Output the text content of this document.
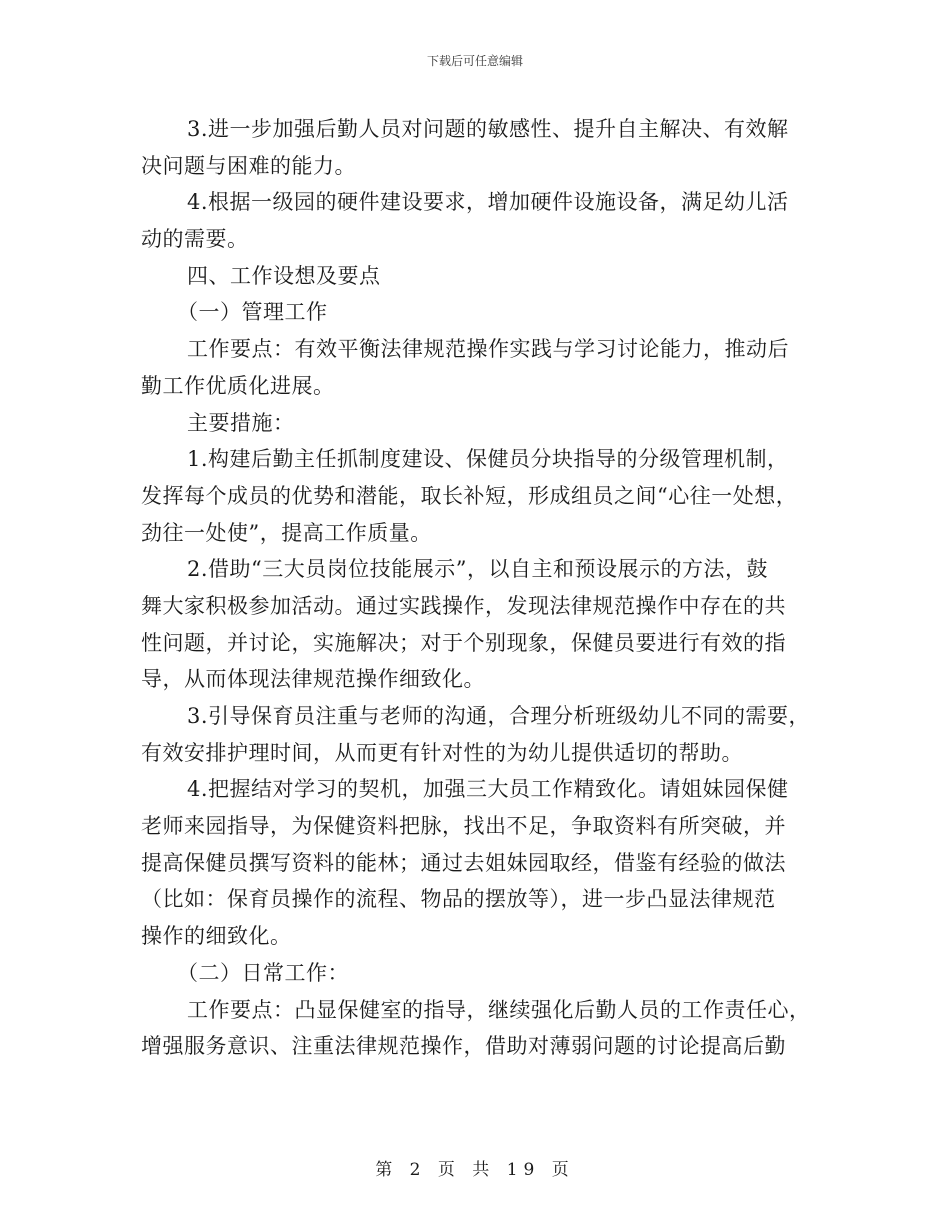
下载后可任意编辑
3.进一步加强后勤人员对问题的敏感性、提升自主解决、有效解
决问题与困难的能力。
4.根据一级园的硬件建设要求，增加硬件设施设备，满足幼儿活
动的需要。
四、工作设想及要点
（一）管理工作
工作要点：有效平衡法律规范操作实践与学习讨论能力，推动后
勤工作优质化进展。
主要措施：
1.构建后勤主任抓制度建设、保健员分块指导的分级管理机制，
发挥每个成员的优势和潜能，取长补短，形成组员之间“心往一处想，
劲往一处使”，提高工作质量。
2.借助“三大员岗位技能展示”，以自主和预设展示的方法，鼓
舞大家积极参加活动。通过实践操作，发现法律规范操作中存在的共
性问题，并讨论，实施解决；对于个别现象，保健员要进行有效的指
导，从而体现法律规范操作细致化。
3.引导保育员注重与老师的沟通，合理分析班级幼儿不同的需要，
有效安排护理时间，从而更有针对性的为幼儿提供适切的帮助。
4.把握结对学习的契机，加强三大员工作精致化。请姐妹园保健
老师来园指导，为保健资料把脉，找出不足，争取资料有所突破，并
提高保健员撰写资料的能林；通过去姐妹园取经，借鉴有经验的做法
（比如：保育员操作的流程、物品的摆放等），进一步凸显法律规范
操作的细致化。
（二）日常工作：
工作要点：凸显保健室的指导，继续强化后勤人员的工作责任心，
增强服务意识、注重法律规范操作，借助对薄弱问题的讨论提高后勤
第 2 页 共 19 页
